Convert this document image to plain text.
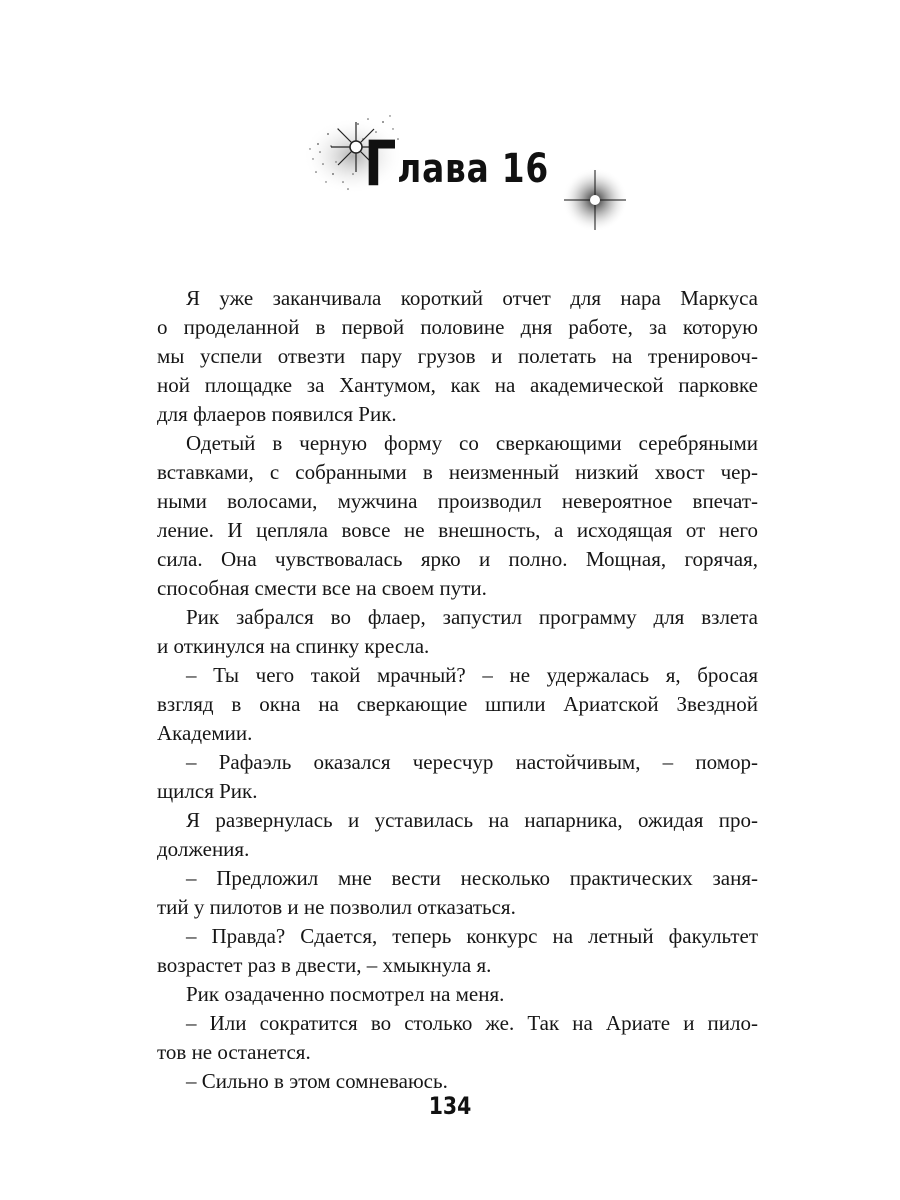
Глава 16
Я уже заканчивала короткий отчет для нара Маркуса
о проделанной в первой половине дня работе, за которую
мы успели отвезти пару грузов и полетать на тренировоч-
ной площадке за Хантумом, как на академической парковке
для флаеров появился Рик.
Одетый в черную форму со сверкающими серебряными
вставками, с собранными в неизменный низкий хвост чер-
ными волосами, мужчина производил невероятное впечат-
ление. И цепляла вовсе не внешность, а исходящая от него
сила. Она чувствовалась ярко и полно. Мощная, горячая,
способная смести все на своем пути.
Рик забрался во флаер, запустил программу для взлета
и откинулся на спинку кресла.
– Ты чего такой мрачный? – не удержалась я, бросая
взгляд в окна на сверкающие шпили Ариатской Звездной
Академии.
– Рафаэль оказался чересчур настойчивым, – помор-
щился Рик.
Я развернулась и уставилась на напарника, ожидая про-
должения.
– Предложил мне вести несколько практических заня-
тий у пилотов и не позволил отказаться.
– Правда? Сдается, теперь конкурс на летный факультет
возрастет раз в двести, – хмыкнула я.
Рик озадаченно посмотрел на меня.
– Или сократится во столько же. Так на Ариате и пило-
тов не останется.
– Сильно в этом сомневаюсь.
134
